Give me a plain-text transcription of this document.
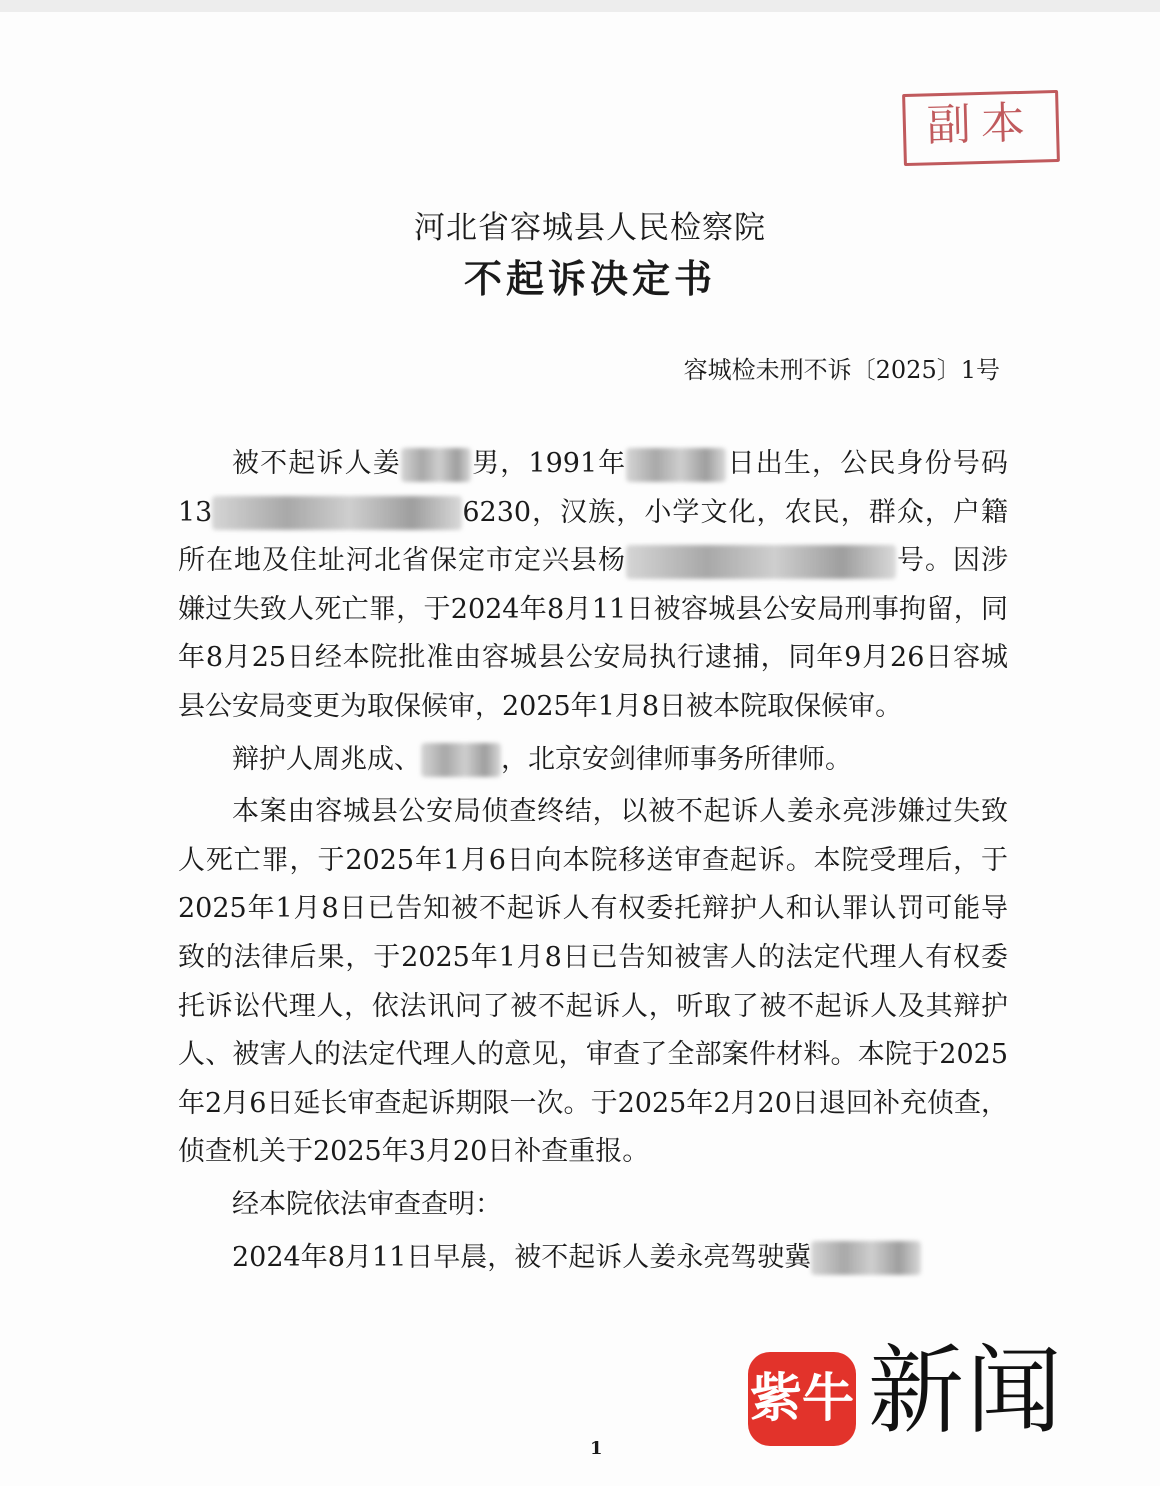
副本
河北省容城县人民检察院
不起诉决定书
容城检未刑不诉〔2025〕1号

被不起诉人姜	男，1991年	日出生，公民身份号码13	6230，汉族，小学文化，农民，群众，户籍所在地及住址河北省保定市定兴县杨	号。因涉嫌过失致人死亡罪，于2024年8月11日被容城县公安局刑事拘留，同年8月25日经本院批准由容城县公安局执行逮捕，同年9月26日容城县公安局变更为取保候审，2025年1月8日被本院取保候审。

辩护人周兆成、	，北京安剑律师事务所律师。

本案由容城县公安局侦查终结，以被不起诉人姜永亮涉嫌过失致人死亡罪，于2025年1月6日向本院移送审查起诉。本院受理后，于2025年1月8日已告知被不起诉人有权委托辩护人和认罪认罚可能导致的法律后果，于2025年1月8日已告知被害人的法定代理人有权委托诉讼代理人，依法讯问了被不起诉人，听取了被不起诉人及其辩护人、被害人的法定代理人的意见，审查了全部案件材料。本院于2025年2月6日延长审查起诉期限一次。于2025年2月20日退回补充侦查，侦查机关于2025年3月20日补查重报。

经本院依法审查查明：

2024年8月11日早晨，被不起诉人姜永亮驾驶冀

1
紫牛 新闻
